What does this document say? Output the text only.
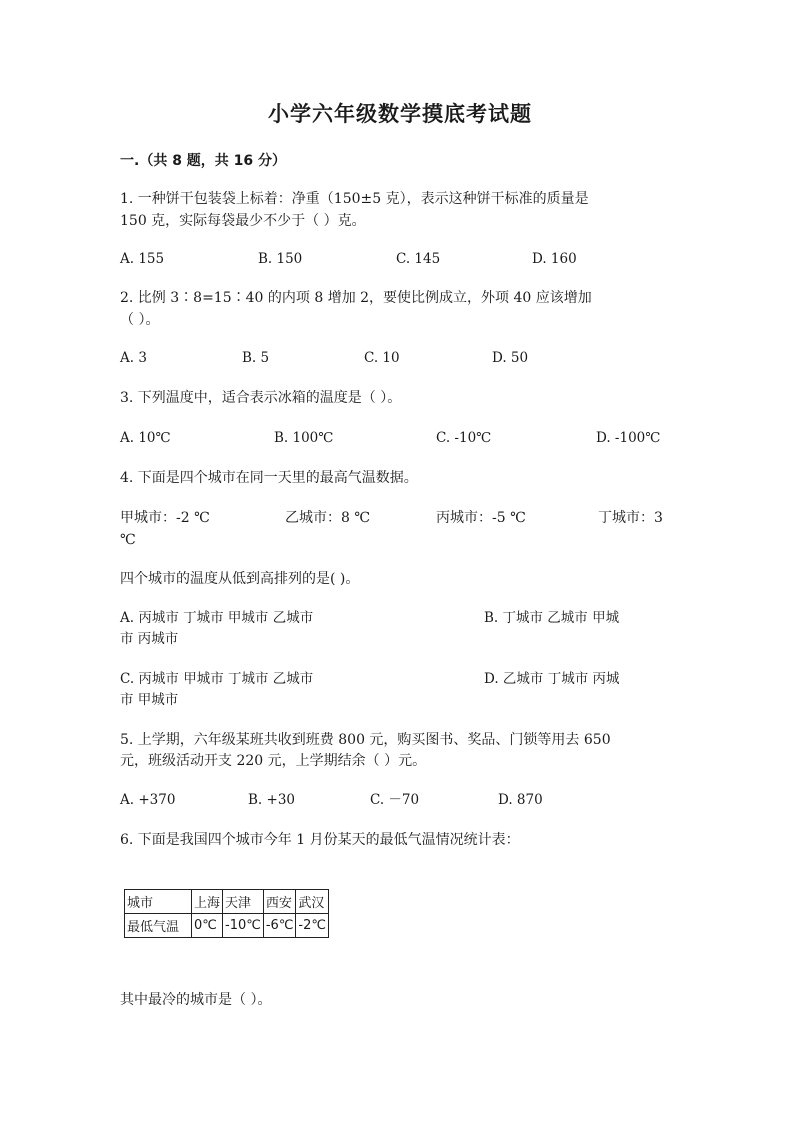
小学六年级数学摸底考试题
一.（共 8 题，共 16 分）
1. 一种饼干包装袋上标着：净重（150±5 克），表示这种饼干标准的质量是
150 克，实际每袋最少不少于（ ）克。
A. 155	B. 150	C. 145	D. 160
2. 比例 3∶8=15∶40 的内项 8 增加 2，要使比例成立，外项 40 应该增加
（ ）。
A. 3	B. 5	C. 10	D. 50
3. 下列温度中，适合表示冰箱的温度是（ ）。
A. 10℃	B. 100℃	C. -10℃	D. -100℃
4. 下面是四个城市在同一天里的最高气温数据。
甲城市：-2 ℃	乙城市：8 ℃	丙城市：-5 ℃	丁城市：3
℃
四个城市的温度从低到高排列的是( )。
A. 丙城市 丁城市 甲城市 乙城市	B. 丁城市 乙城市 甲城
市 丙城市
C. 丙城市 甲城市 丁城市 乙城市	D. 乙城市 丁城市 丙城
市 甲城市
5. 上学期，六年级某班共收到班费 800 元，购买图书、奖品、门锁等用去 650
元，班级活动开支 220 元，上学期结余（ ）元。
A. +370	B. +30	C. －70	D. 870
6. 下面是我国四个城市今年 1 月份某天的最低气温情况统计表：
城市	上海	天津	西安	武汉
最低气温	0℃	-10℃	-6℃	-2℃
其中最冷的城市是（ ）。
